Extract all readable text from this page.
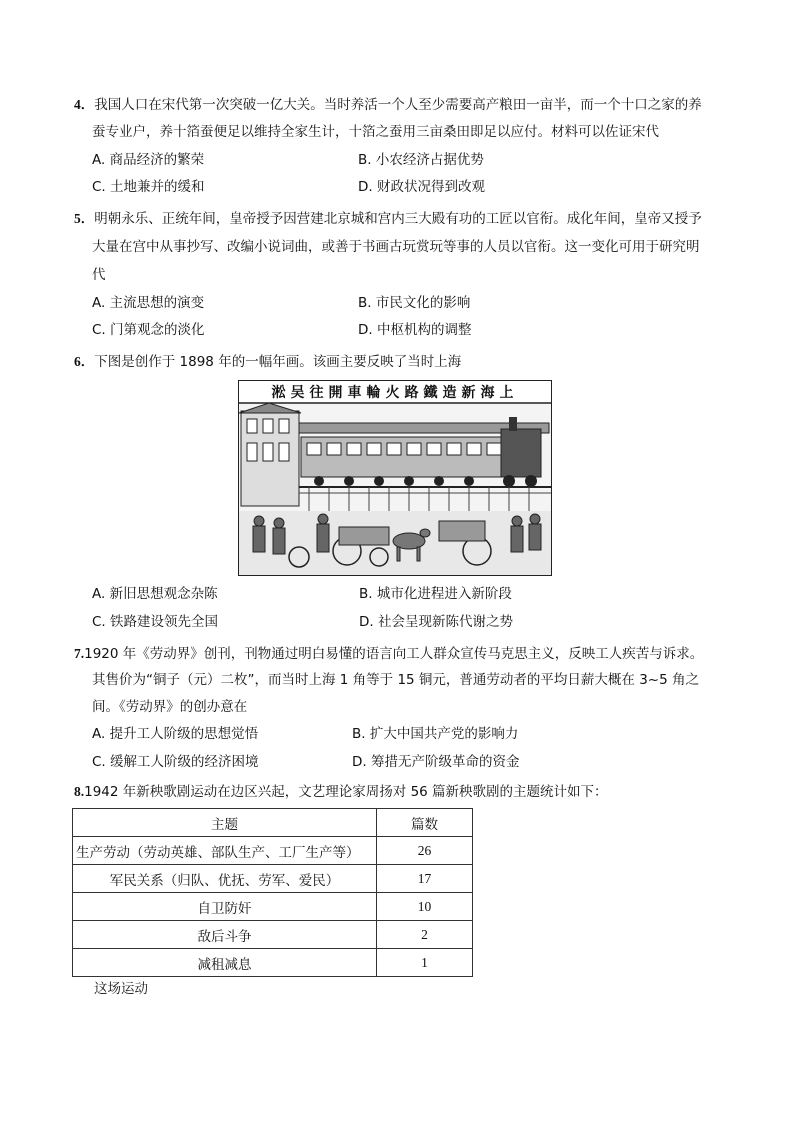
4．我国人口在宋代第一次突破一亿大关。当时养活一个人至少需要高产粮田一亩半，而一个十口之家的养
蚕专业户，养十箔蚕便足以维持全家生计，十箔之蚕用三亩桑田即足以应付。材料可以佐证宋代
A. 商品经济的繁荣	B. 小农经济占据优势
C. 土地兼并的缓和	D. 财政状况得到改观
5．明朝永乐、正统年间，皇帝授予因营建北京城和宫内三大殿有功的工匠以官衔。成化年间，皇帝又授予
大量在宫中从事抄写、改编小说词曲，或善于书画古玩赏玩等事的人员以官衔。这一变化可用于研究明
代
A. 主流思想的演变	B. 市民文化的影响
C. 门第观念的淡化	D. 中枢机构的调整
6．下图是创作于 1898 年的一幅年画。该画主要反映了当时上海
淞吴往開車輪火路鐵造新海上
A. 新旧思想观念杂陈	B. 城市化进程进入新阶段
C. 铁路建设领先全国	D. 社会呈现新陈代谢之势
7.1920 年《劳动界》创刊，刊物通过明白易懂的语言向工人群众宣传马克思主义，反映工人疾苦与诉求。
其售价为“铜子（元）二枚”，而当时上海 1 角等于 15 铜元，普通劳动者的平均日薪大概在 3~5 角之
间。《劳动界》的创办意在
A. 提升工人阶级的思想觉悟	B. 扩大中国共产党的影响力
C. 缓解工人阶级的经济困境	D. 筹措无产阶级革命的资金
8.1942 年新秧歌剧运动在边区兴起，文艺理论家周扬对 56 篇新秧歌剧的主题统计如下：
主题	篇数
生产劳动（劳动英雄、部队生产、工厂生产等）	26
军民关系（归队、优抚、劳军、爱民）	17
自卫防奸	10
敌后斗争	2
减租减息	1
这场运动
